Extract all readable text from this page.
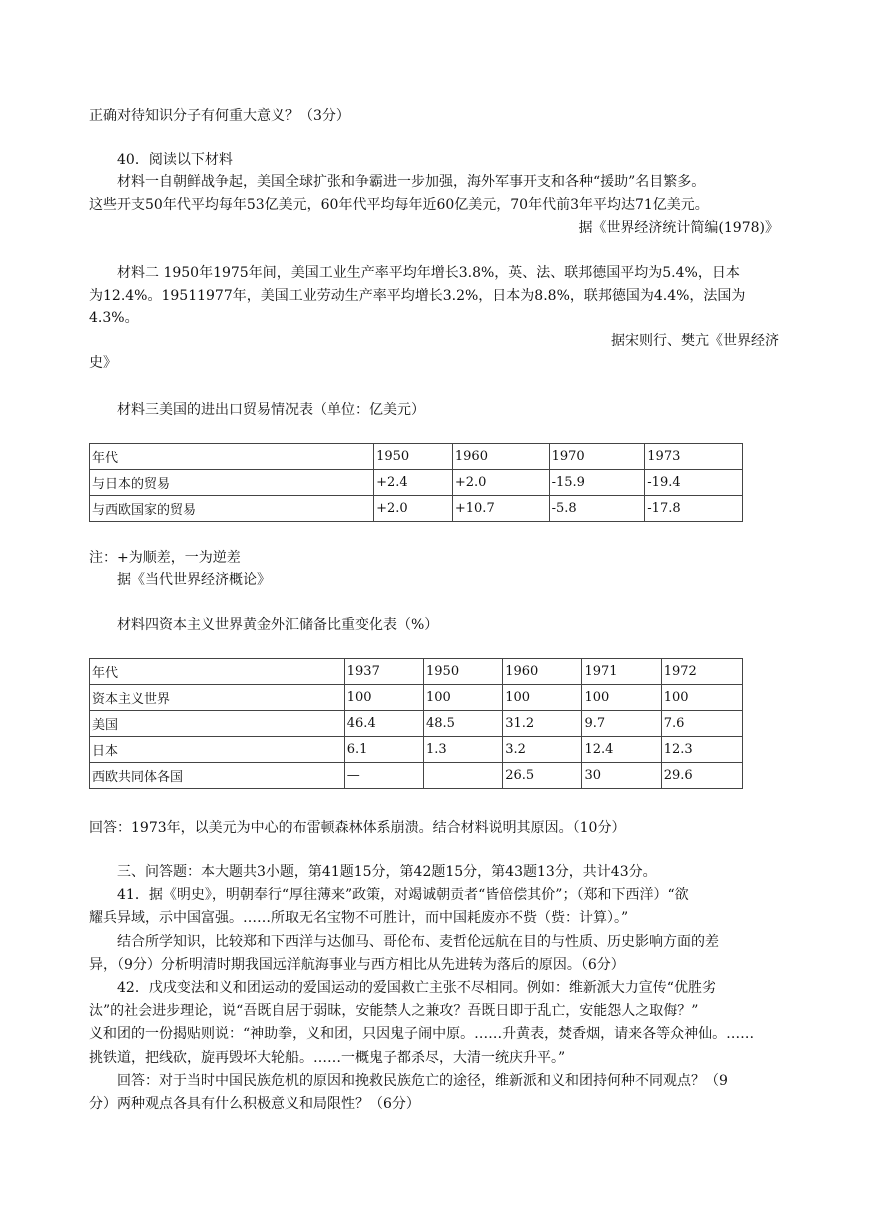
正确对待知识分子有何重大意义？（3分）
40．阅读以下材料
材料一自朝鲜战争起，美国全球扩张和争霸进一步加强，海外军事开支和各种“援助”名目繁多。
这些开支50年代平均每年53亿美元，60年代平均每年近60亿美元，70年代前3年平均达71亿美元。
据《世界经济统计简编(1978)》
材料二 1950年1975年间，美国工业生产率平均年增长3.8%，英、法、联邦德国平均为5.4%，日本
为12.4%。19511977年，美国工业劳动生产率平均增长3.2%，日本为8.8%，联邦德国为4.4%，法国为
4.3%。
据宋则行、樊亢《世界经济
史》
材料三美国的进出口贸易情况表（单位：亿美元）
年代	1950	1960	1970	1973
与日本的贸易	+2.4	+2.0	-15.9	-19.4
与西欧国家的贸易	+2.0	+10.7	-5.8	-17.8
注：+为顺差，一为逆差
据《当代世界经济概论》
材料四资本主义世界黄金外汇储备比重变化表（%）
年代	1937	1950	1960	1971	1972
资本主义世界	100	100	100	100	100
美国	46.4	48.5	31.2	9.7	7.6
日本	6.1	1.3	3.2	12.4	12.3
西欧共同体各国	—		26.5	30	29.6
回答：1973年，以美元为中心的布雷顿森林体系崩溃。结合材料说明其原因。（10分）
三、问答题：本大题共3小题，第41题15分，第42题15分，第43题13分，共计43分。
41．据《明史》，明朝奉行“厚往薄来”政策，对竭诚朝贡者“皆倍偿其价”；（郑和下西洋）“欲
耀兵异域，示中国富强。……所取无名宝物不可胜计，而中国耗废亦不赀（赀：计算）。”
结合所学知识，比较郑和下西洋与达伽马、哥伦布、麦哲伦远航在目的与性质、历史影响方面的差
异，（9分）分析明清时期我国远洋航海事业与西方相比从先进转为落后的原因。（6分）
42．戊戌变法和义和团运动的爱国运动的爱国救亡主张不尽相同。例如：维新派大力宣传“优胜劣
汰”的社会进步理论，说“吾既自居于弱昧，安能禁人之兼攻？吾既日即于乱亡，安能怨人之取侮？”
义和团的一份揭贴则说：“神助拳，义和团，只因鬼子闹中原。……升黄表，焚香烟，请来各等众神仙。……
挑铁道，把线砍，旋再毁坏大轮船。……一概鬼子都杀尽，大清一统庆升平。”
回答：对于当时中国民族危机的原因和挽救民族危亡的途径，维新派和义和团持何种不同观点？（9
分）两种观点各具有什么积极意义和局限性？（6分）
